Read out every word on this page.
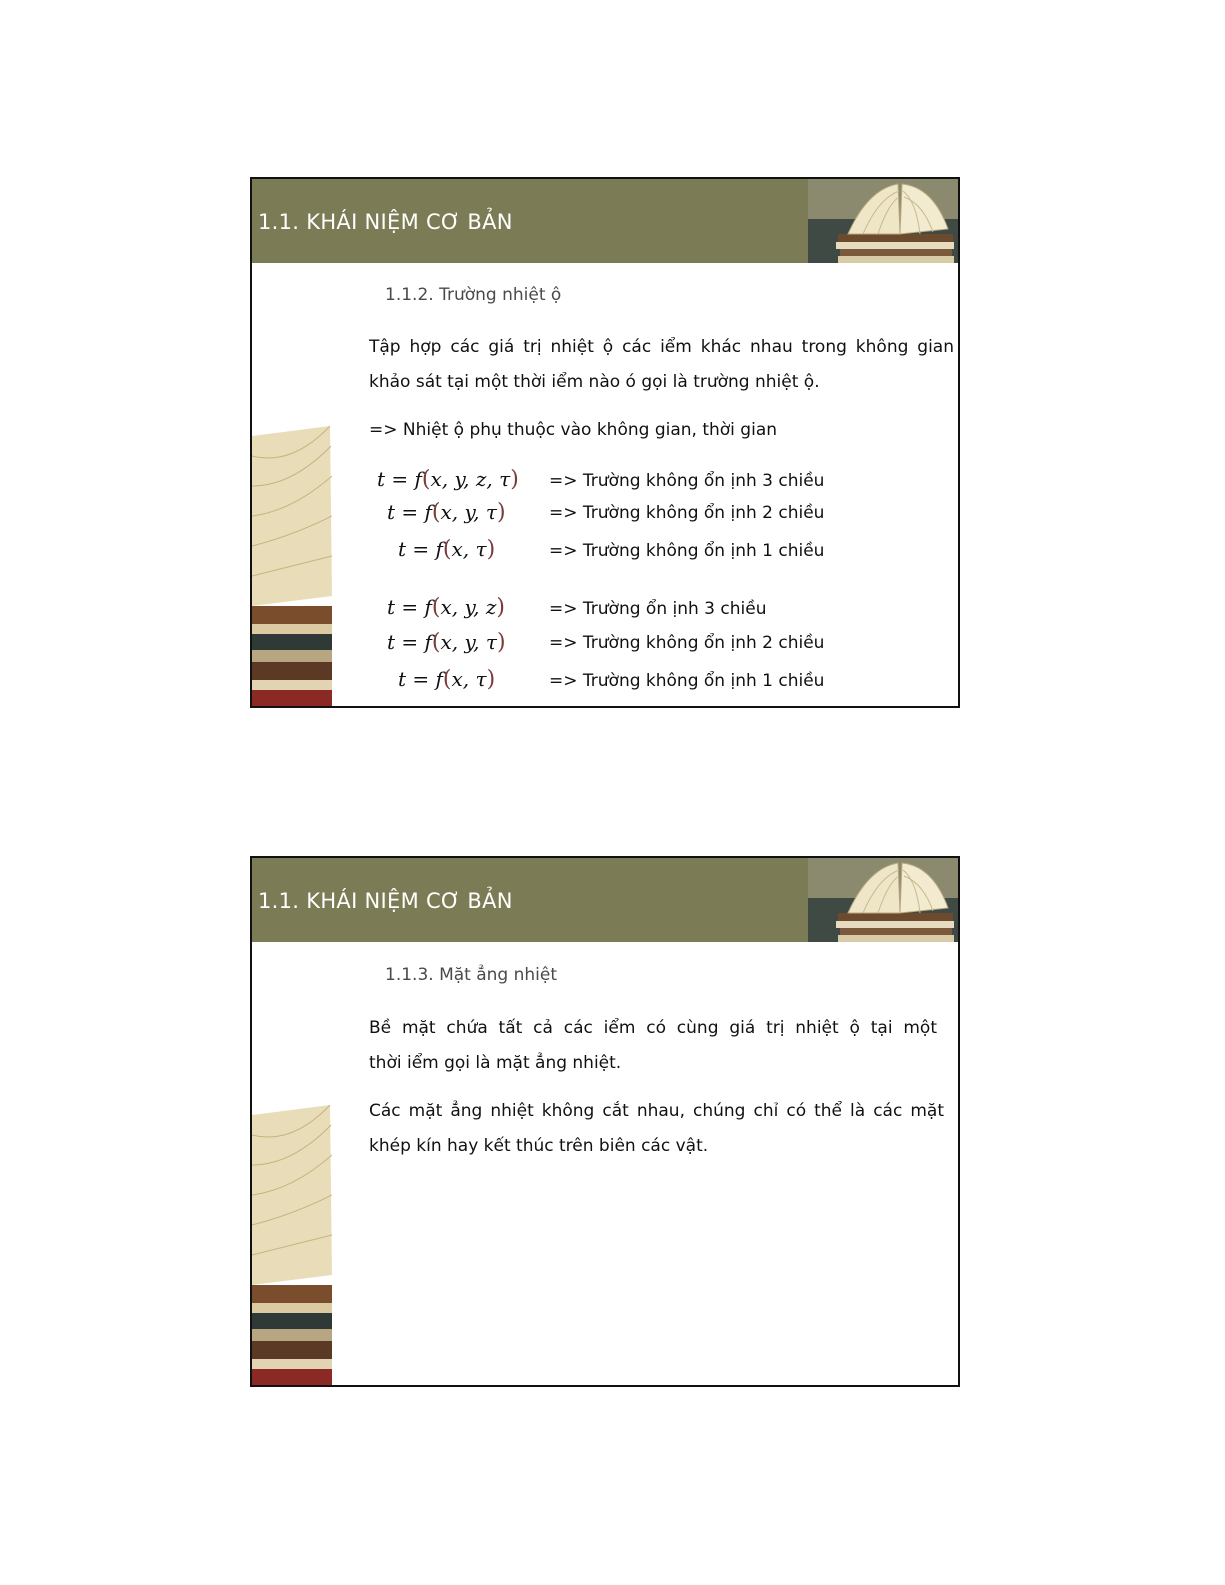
1.1. KHÁI NIỆM CƠ BẢN
1.1.2. Trường nhiệt ộ
Tập hợp các giá trị nhiệt ộ các iểm khác nhau trong không gian
khảo sát tại một thời iểm nào ó gọi là trường nhiệt ộ.
=> Nhiệt ộ phụ thuộc vào không gian, thời gian
t = f(x, y, z, τ) => Trường không ổn ịnh 3 chiều
t = f(x, y, τ)	=> Trường không ổn ịnh 2 chiều
t = f(x, τ)	=> Trường không ổn ịnh 1 chiều
t = f(x, y, z)	=> Trường ổn ịnh 3 chiều
t = f(x, y, τ)	=> Trường không ổn ịnh 2 chiều
t = f(x, τ)	=> Trường không ổn ịnh 1 chiều
1.1. KHÁI NIỆM CƠ BẢN
1.1.3. Mặt ẳng nhiệt
Bề mặt chứa tất cả các iểm có cùng giá trị nhiệt ộ tại một
thời iểm gọi là mặt ẳng nhiệt.
Các mặt ẳng nhiệt không cắt nhau, chúng chỉ có thể là các mặt
khép kín hay kết thúc trên biên các vật.
